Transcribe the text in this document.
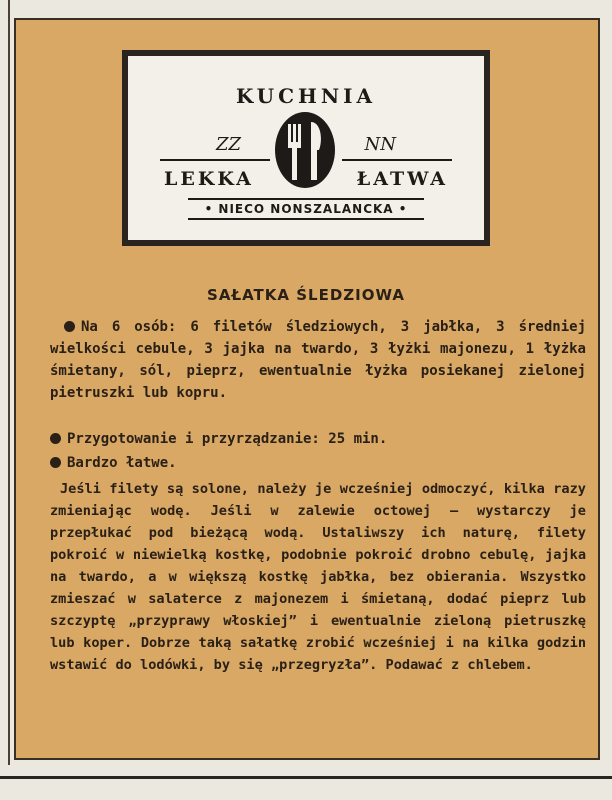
KUCHNIA
ZZ	NN
LEKKA	ŁATWA
• NIECO NONSZALANCKA •
SAŁATKA ŚLEDZIOWA
Na 6 osób: 6 filetów śledziowych, 3 jabłka, 3 średniej wielkości cebule, 3 jajka na twardo, 3 łyżki majonezu, 1 łyżka śmietany, sól, pieprz, ewentualnie łyżka posiekanej zielonej pietruszki lub kopru.
Przygotowanie i przyrządzanie: 25 min.
Bardzo łatwe.
Jeśli filety są solone, należy je wcześniej odmoczyć, kilka razy zmieniając wodę. Jeśli w zalewie octowej — wystarczy je przepłukać pod bieżącą wodą. Ustaliwszy ich naturę, filety pokroić w niewielką kostkę, podobnie pokroić drobno cebulę, jajka na twardo, a w większą kostkę jabłka, bez obierania. Wszystko zmieszać w salaterce z majonezem i śmietaną, dodać pieprz lub szczyptę „przyprawy włoskiej” i ewentualnie zieloną pietruszkę lub koper. Dobrze taką sałatkę zrobić wcześniej i na kilka godzin wstawić do lodówki, by się „przegryzła”. Podawać z chlebem.
